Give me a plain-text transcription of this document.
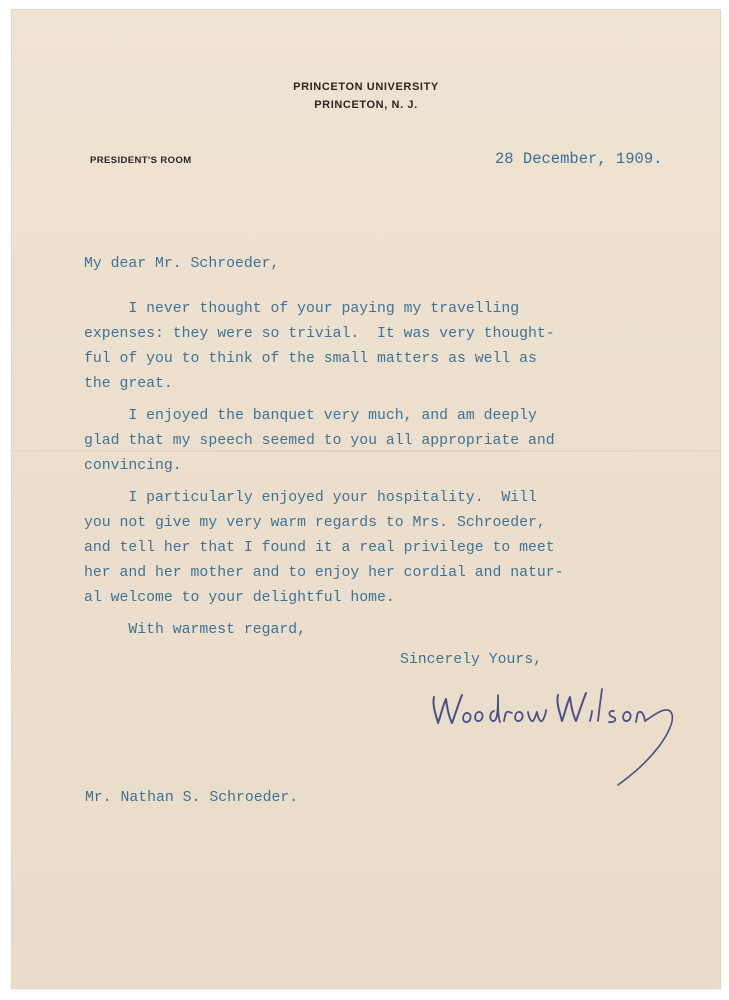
PRINCETON UNIVERSITY
PRINCETON, N. J.
PRESIDENT'S ROOM	28 December, 1909.
My dear Mr. Schroeder,
I never thought of your paying my travelling
expenses: they were so trivial.  It was very thought-
ful of you to think of the small matters as well as
the great.
I enjoyed the banquet very much, and am deeply
glad that my speech seemed to you all appropriate and
convincing.
I particularly enjoyed your hospitality.  Will
you not give my very warm regards to Mrs. Schroeder,
and tell her that I found it a real privilege to meet
her and her mother and to enjoy her cordial and natur-
al welcome to your delightful home.
With warmest regard,
Sincerely Yours,
Mr. Nathan S. Schroeder.
